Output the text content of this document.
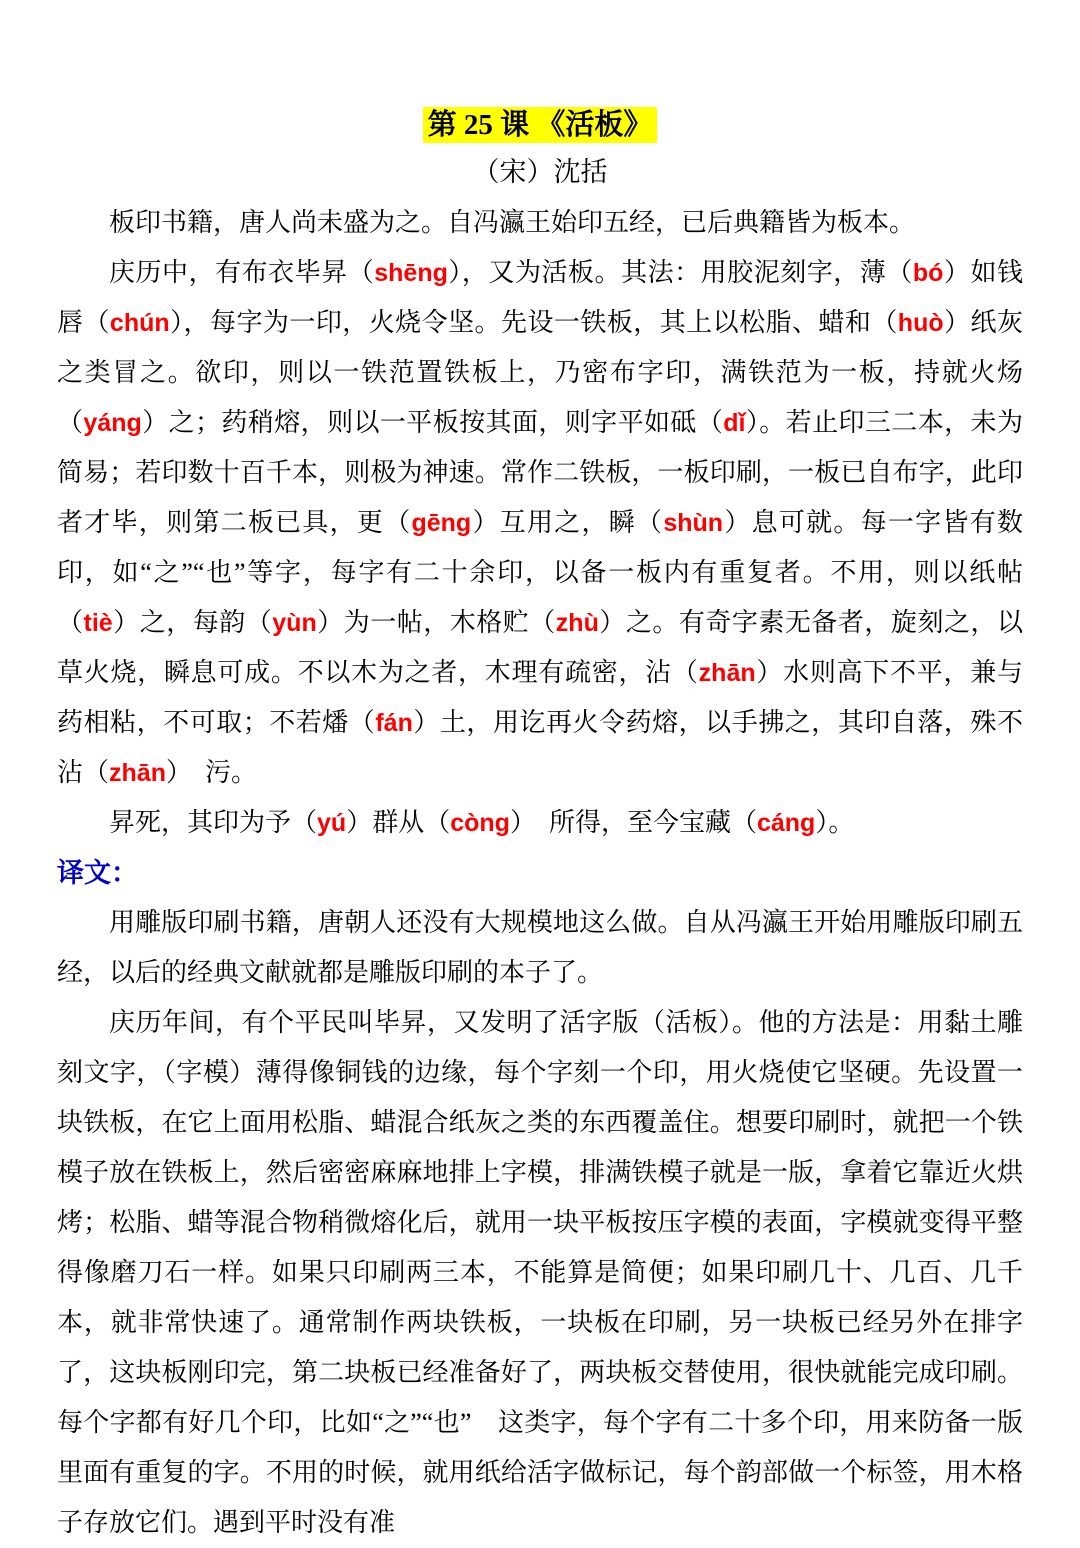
第 25 课 《活板》
（宋）沈括

板印书籍，唐人尚未盛为之。自冯瀛王始印五经，已后典籍皆为板本。

庆历中，有布衣毕昇（shēng），又为活板。其法：用胶泥刻字，薄（bó）如钱唇（chún），每字为一印，火烧令坚。先设一铁板，其上以松脂、蜡和（huò）纸灰之类冒之。欲印，则以一铁范置铁板上，乃密布字印，满铁范为一板，持就火炀（yáng）之；药稍熔，则以一平板按其面，则字平如砥（dǐ）。若止印三二本，未为简易；若印数十百千本，则极为神速。常作二铁板，一板印刷，一板已自布字，此印者才毕，则第二板已具，更（gēng）互用之，瞬（shùn）息可就。每一字皆有数印，如“之”“也”等字，每字有二十余印，以备一板内有重复者。不用，则以纸帖（tiè）之，每韵（yùn）为一帖，木格贮（zhù）之。有奇字素无备者，旋刻之，以草火烧，瞬息可成。不以木为之者，木理有疏密，沾（zhān）水则高下不平，兼与药相粘，不可取；不若燔（fán）土，用讫再火令药熔，以手拂之，其印自落，殊不沾（zhān）　污。

昇死，其印为予（yú）群从（còng）　所得，至今宝藏（cáng）。

译文：

用雕版印刷书籍，唐朝人还没有大规模地这么做。自从冯瀛王开始用雕版印刷五经，以后的经典文献就都是雕版印刷的本子了。

庆历年间，有个平民叫毕昇，又发明了活字版（活板）。他的方法是：用黏土雕刻文字，（字模）薄得像铜钱的边缘，每个字刻一个印，用火烧使它坚硬。先设置一块铁板，在它上面用松脂、蜡混合纸灰之类的东西覆盖住。想要印刷时，就把一个铁模子放在铁板上，然后密密麻麻地排上字模，排满铁模子就是一版，拿着它靠近火烘烤；松脂、蜡等混合物稍微熔化后，就用一块平板按压字模的表面，字模就变得平整得像磨刀石一样。如果只印刷两三本，不能算是简便；如果印刷几十、几百、几千本，就非常快速了。通常制作两块铁板，一块板在印刷，另一块板已经另外在排字了，这块板刚印完，第二块板已经准备好了，两块板交替使用，很快就能完成印刷。每个字都有好几个印，比如“之”“也”　这类字，每个字有二十多个印，用来防备一版里面有重复的字。不用的时候，就用纸给活字做标记，每个韵部做一个标签，用木格子存放它们。遇到平时没有准
